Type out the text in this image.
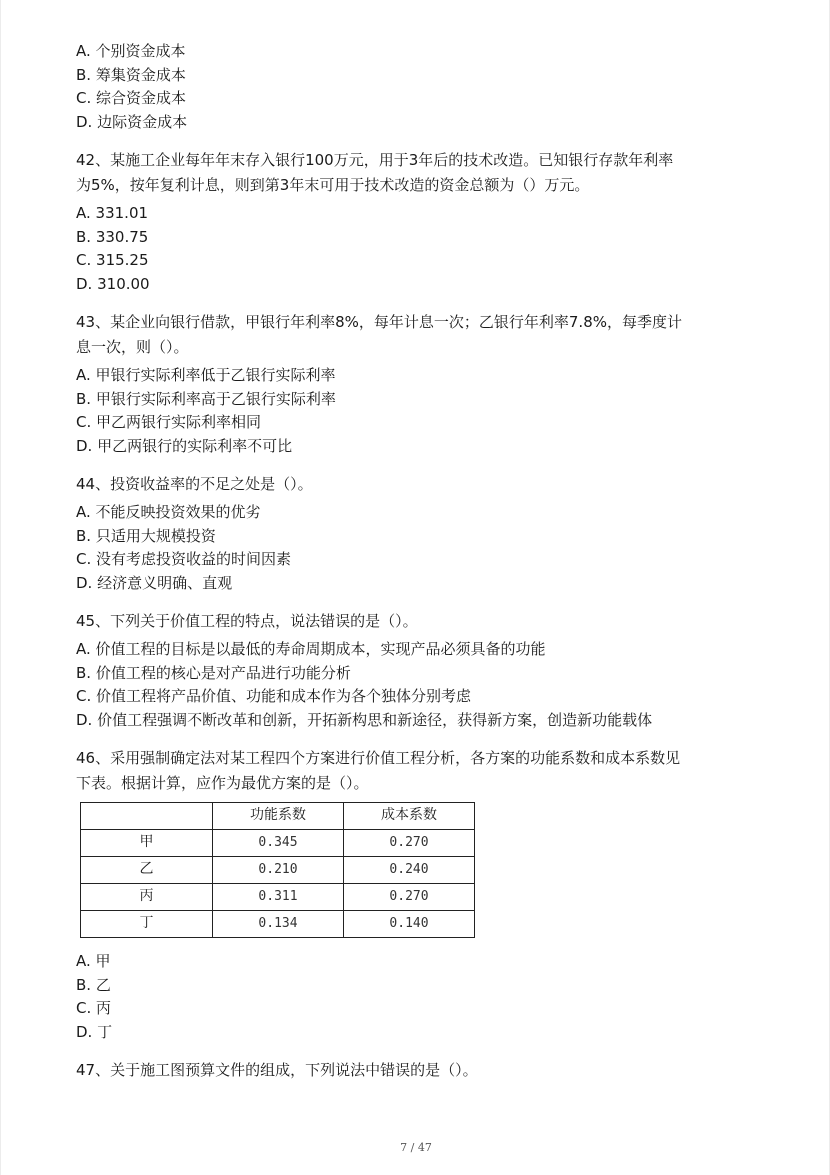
A. 个别资金成本
B. 筹集资金成本
C. 综合资金成本
D. 边际资金成本
42、某施工企业每年年末存入银行100万元，用于3年后的技术改造。已知银行存款年利率
为5%，按年复利计息，则到第3年末可用于技术改造的资金总额为（）万元。
A. 331.01
B. 330.75
C. 315.25
D. 310.00
43、某企业向银行借款，甲银行年利率8%，每年计息一次；乙银行年利率7.8%，每季度计
息一次，则（）。
A. 甲银行实际利率低于乙银行实际利率
B. 甲银行实际利率高于乙银行实际利率
C. 甲乙两银行实际利率相同
D. 甲乙两银行的实际利率不可比
44、投资收益率的不足之处是（）。
A. 不能反映投资效果的优劣
B. 只适用大规模投资
C. 没有考虑投资收益的时间因素
D. 经济意义明确、直观
45、下列关于价值工程的特点，说法错误的是（）。
A. 价值工程的目标是以最低的寿命周期成本，实现产品必须具备的功能
B. 价值工程的核心是对产品进行功能分析
C. 价值工程将产品价值、功能和成本作为各个独体分别考虑
D. 价值工程强调不断改革和创新，开拓新构思和新途径，获得新方案，创造新功能载体
46、采用强制确定法对某工程四个方案进行价值工程分析，各方案的功能系数和成本系数见
下表。根据计算，应作为最优方案的是（）。
	功能系数	成本系数
甲	0.345	0.270
乙	0.210	0.240
丙	0.311	0.270
丁	0.134	0.140
A. 甲
B. 乙
C. 丙
D. 丁
47、关于施工图预算文件的组成，下列说法中错误的是（）。
7 / 47
